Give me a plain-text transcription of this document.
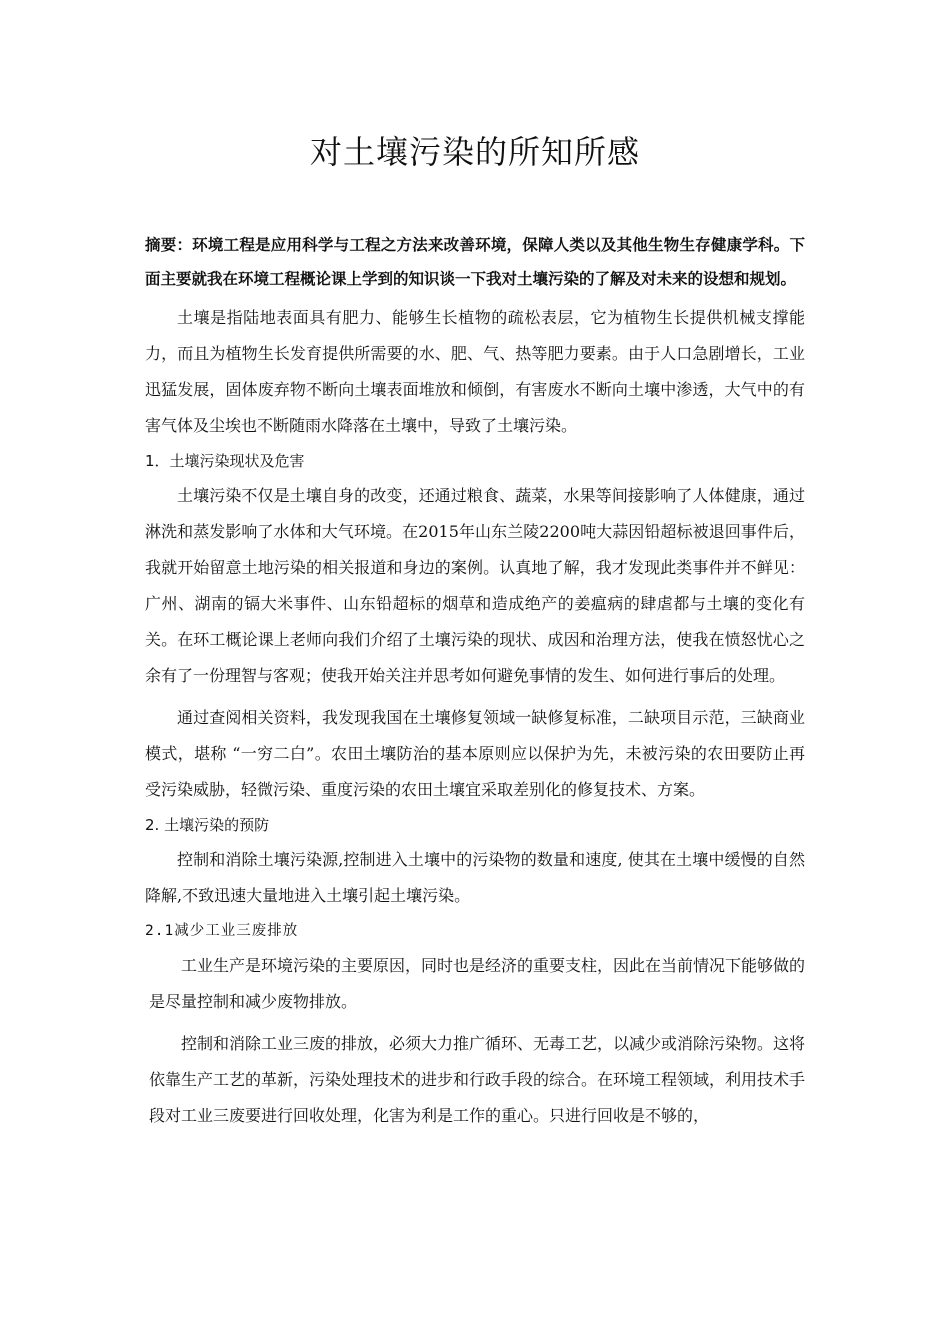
对土壤污染的所知所感

摘要：环境工程是应用科学与工程之方法来改善环境，保障人类以及其他生物生存健康学科。下面主要就我在环境工程概论课上学到的知识谈一下我对土壤污染的了解及对未来的设想和规划。

土壤是指陆地表面具有肥力、能够生长植物的疏松表层，它为植物生长提供机械支撑能力，而且为植物生长发育提供所需要的水、肥、气、热等肥力要素。由于人口急剧增长，工业迅猛发展，固体废弃物不断向土壤表面堆放和倾倒，有害废水不断向土壤中渗透，大气中的有害气体及尘埃也不断随雨水降落在土壤中，导致了土壤污染。

1．土壤污染现状及危害

土壤污染不仅是土壤自身的改变，还通过粮食、蔬菜，水果等间接影响了人体健康，通过淋洗和蒸发影响了水体和大气环境。在2015年山东兰陵2200吨大蒜因铅超标被退回事件后，我就开始留意土地污染的相关报道和身边的案例。认真地了解，我才发现此类事件并不鲜见：广州、湖南的镉大米事件、山东铅超标的烟草和造成绝产的姜瘟病的肆虐都与土壤的变化有关。在环工概论课上老师向我们介绍了土壤污染的现状、成因和治理方法，使我在愤怒忧心之余有了一份理智与客观；使我开始关注并思考如何避免事情的发生、如何进行事后的处理。

通过查阅相关资料，我发现我国在土壤修复领域一缺修复标准，二缺项目示范，三缺商业模式，堪称 “一穷二白”。农田土壤防治的基本原则应以保护为先，未被污染的农田要防止再受污染威胁，轻微污染、重度污染的农田土壤宜采取差别化的修复技术、方案。

2. 土壤污染的预防

控制和消除土壤污染源,控制进入土壤中的污染物的数量和速度, 使其在土壤中缓慢的自然降解,不致迅速大量地进入土壤引起土壤污染。

2.1减少工业三废排放

工业生产是环境污染的主要原因，同时也是经济的重要支柱，因此在当前情况下能够做的是尽量控制和减少废物排放。

控制和消除工业三废的排放，必须大力推广循环、无毒工艺，以减少或消除污染物。这将依靠生产工艺的革新，污染处理技术的进步和行政手段的综合。在环境工程领域，利用技术手段对工业三废要进行回收处理，化害为利是工作的重心。只进行回收是不够的，
